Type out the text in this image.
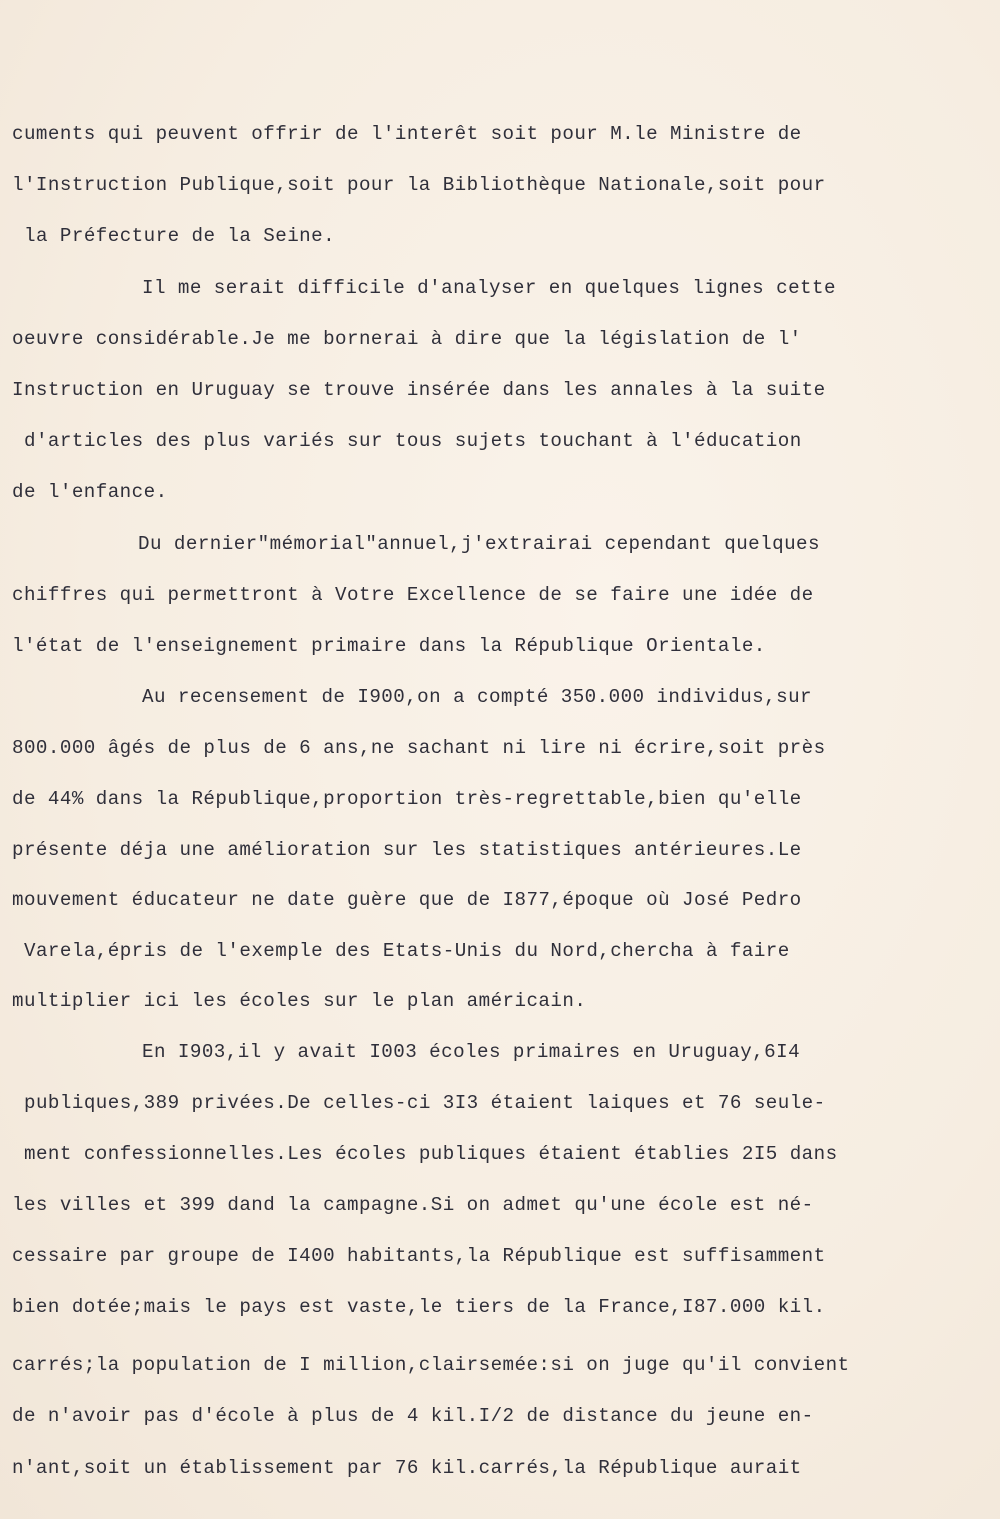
cuments qui peuvent offrir de l'interêt soit pour M.le Ministre de
l'Instruction Publique,soit pour la Bibliothèque Nationale,soit pour
la Préfecture de la Seine.
Il me serait difficile d'analyser en quelques lignes cette
oeuvre considérable.Je me bornerai à dire que la législation de l'
Instruction en Uruguay se trouve insérée dans les annales à la suite
d'articles des plus variés sur tous sujets touchant à l'éducation
de l'enfance.
Du dernier"mémorial"annuel,j'extrairai cependant quelques
chiffres qui permettront à Votre Excellence de se faire une idée de
l'état de l'enseignement primaire dans la République Orientale.
Au recensement de I900,on a compté 350.000 individus,sur
800.000 âgés de plus de 6 ans,ne sachant ni lire ni écrire,soit près
de 44% dans la République,proportion très-regrettable,bien qu'elle
présente déja une amélioration sur les statistiques antérieures.Le
mouvement éducateur ne date guère que de I877,époque où José Pedro
Varela,épris de l'exemple des Etats-Unis du Nord,chercha à faire
multiplier ici les écoles sur le plan américain.
En I903,il y avait I003 écoles primaires en Uruguay,6I4
publiques,389 privées.De celles-ci 3I3 étaient laiques et 76 seule-
ment confessionnelles.Les écoles publiques étaient établies 2I5 dans
les villes et 399 dand la campagne.Si on admet qu'une école est né-
cessaire par groupe de I400 habitants,la République est suffisamment
bien dotée;mais le pays est vaste,le tiers de la France,I87.000 kil.
carrés;la population de I million,clairsemée:si on juge qu'il convient
de n'avoir pas d'école à plus de 4 kil.I/2 de distance du jeune en-
n'ant,soit un établissement par 76 kil.carrés,la République aurait
